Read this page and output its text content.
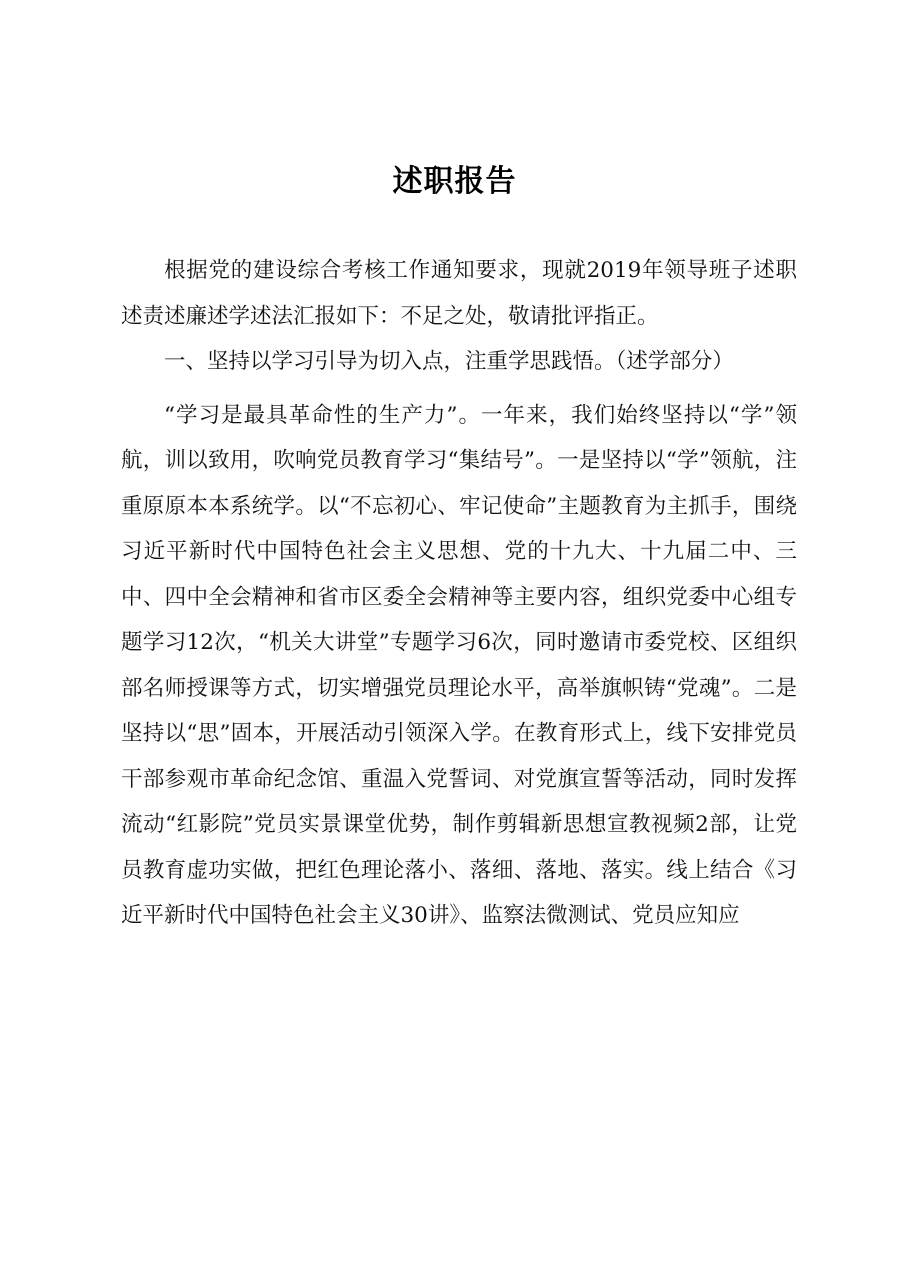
述职报告

根据党的建设综合考核工作通知要求，现就2019年领导班子述职述责述廉述学述法汇报如下：不足之处，敬请批评指正。

一、坚持以学习引导为切入点，注重学思践悟。（述学部分）

“学习是最具革命性的生产力”。一年来，我们始终坚持以“学”领航，训以致用，吹响党员教育学习“集结号”。一是坚持以“学”领航，注重原原本本系统学。以“不忘初心、牢记使命”主题教育为主抓手，围绕习近平新时代中国特色社会主义思想、党的十九大、十九届二中、三中、四中全会精神和省市区委全会精神等主要内容，组织党委中心组专题学习12次，“机关大讲堂”专题学习6次，同时邀请市委党校、区组织部名师授课等方式，切实增强党员理论水平，高举旗帜铸“党魂”。二是坚持以“思”固本，开展活动引领深入学。在教育形式上，线下安排党员干部参观市革命纪念馆、重温入党誓词、对党旗宣誓等活动，同时发挥流动“红影院”党员实景课堂优势，制作剪辑新思想宣教视频2部，让党员教育虚功实做，把红色理论落小、落细、落地、落实。线上结合《习近平新时代中国特色社会主义30讲》、监察法微测试、党员应知应
